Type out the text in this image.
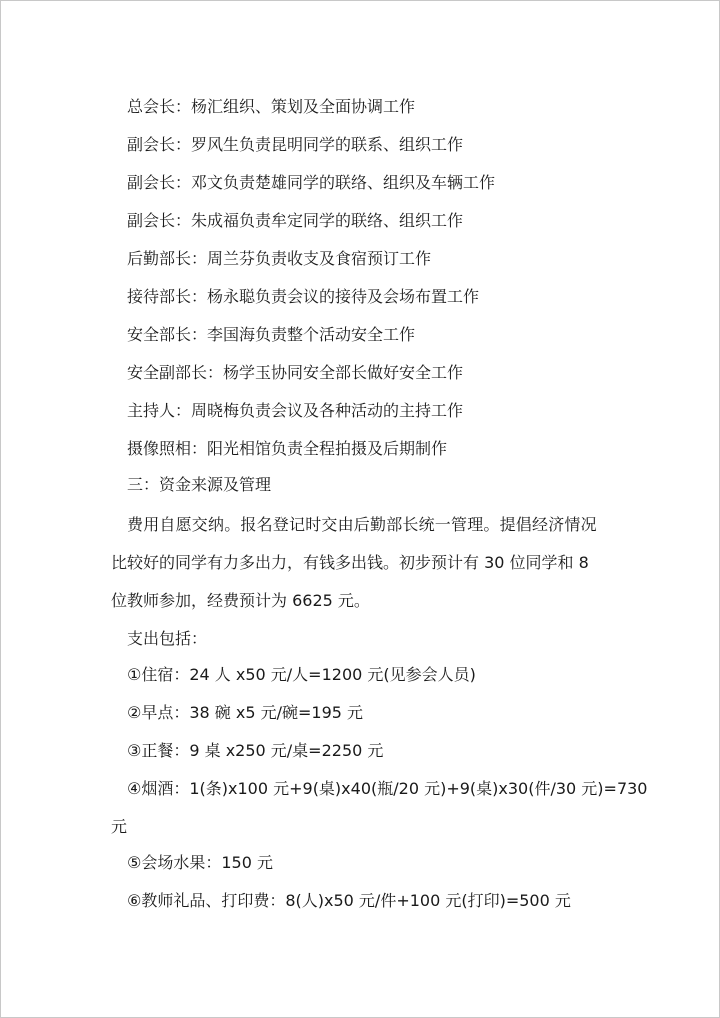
总会长：杨汇组织、策划及全面协调工作
副会长：罗风生负责昆明同学的联系、组织工作
副会长：邓文负责楚雄同学的联络、组织及车辆工作
副会长：朱成福负责牟定同学的联络、组织工作
后勤部长：周兰芬负责收支及食宿预订工作
接待部长：杨永聪负责会议的接待及会场布置工作
安全部长：李国海负责整个活动安全工作
安全副部长：杨学玉协同安全部长做好安全工作
主持人：周晓梅负责会议及各种活动的主持工作
摄像照相：阳光相馆负责全程拍摄及后期制作
三：资金来源及管理
费用自愿交纳。报名登记时交由后勤部长统一管理。提倡经济情况
比较好的同学有力多出力，有钱多出钱。初步预计有 30 位同学和 8
位教师参加，经费预计为 6625 元。
支出包括：
①住宿：24 人 x50 元/人=1200 元(见参会人员)
②早点：38 碗 x5 元/碗=195 元
③正餐：9 桌 x250 元/桌=2250 元
④烟酒：1(条)x100 元+9(桌)x40(瓶/20 元)+9(桌)x30(件/30 元)=730
元
⑤会场水果：150 元
⑥教师礼品、打印费：8(人)x50 元/件+100 元(打印)=500 元
